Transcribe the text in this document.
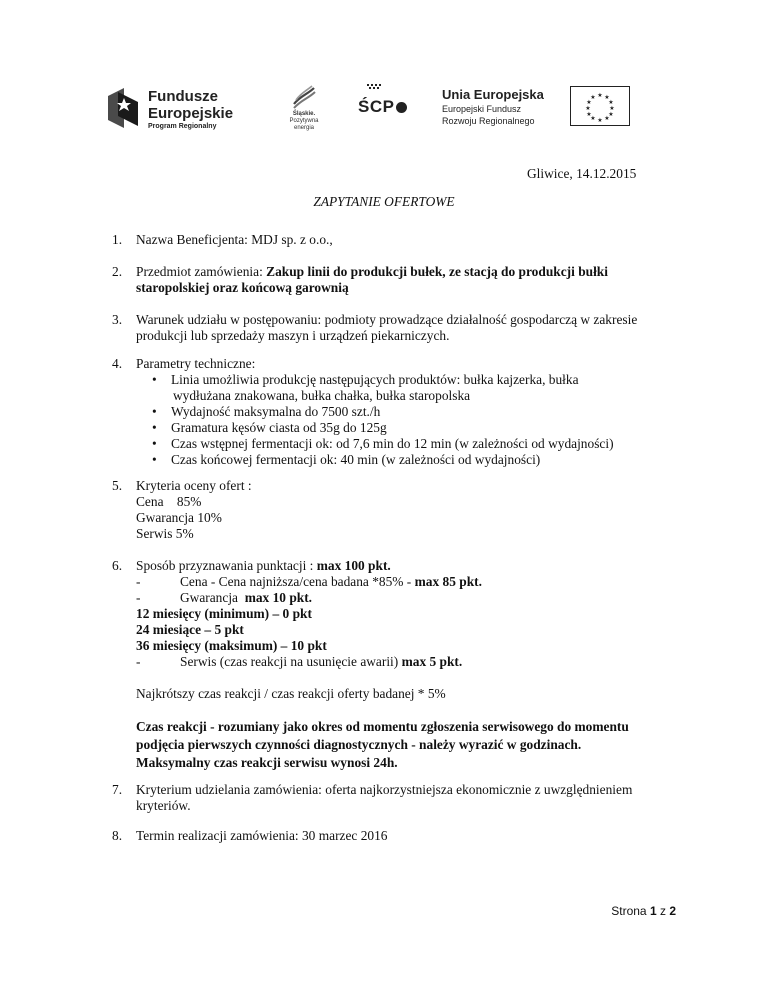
Fundusze
Europejskie
Program Regionalny
Śląskie.
Pozytywna energia
ŚCP
Unia Europejska
Europejski Fundusz
Rozwoju Regionalnego
★ ★
★
★
★
★
★
★
★
★
★
★
Gliwice, 14.12.2015
ZAPYTANIE OFERTOWE
1.	Nazwa Beneficjenta: MDJ sp. z o.o.,
2.	Przedmiot zamówienia: Zakup linii do produkcji bułek, ze stacją do produkcji bułki
staropolskiej oraz końcową garownią
3.	Warunek udziału w postępowaniu: podmioty prowadzące działalność gospodarczą w zakresie
produkcji lub sprzedaży maszyn i urządzeń piekarniczych.
4.	Parametry techniczne:
• Linia umożliwia produkcję następujących produktów: bułka kajzerka, bułka
wydłużana znakowana, bułka chałka, bułka staropolska
• Wydajność maksymalna do 7500 szt./h
• Gramatura kęsów ciasta od 35g do 125g
• Czas wstępnej fermentacji ok: od 7,6 min do 12 min (w zależności od wydajności)
• Czas końcowej fermentacji ok: 40 min (w zależności od wydajności)
5.	Kryteria oceny ofert :
Cena    85%
Gwarancja 10%
Serwis 5%
6.	Sposób przyznawania punktacji : max 100 pkt.
-	Cena - Cena najniższa/cena badana *85% - max 85 pkt.
-	Gwarancja  max 10 pkt.
12 miesięcy (minimum) – 0 pkt
24 miesiące – 5 pkt
36 miesięcy (maksimum) – 10 pkt
-	Serwis (czas reakcji na usunięcie awarii) max 5 pkt.
Najkrótszy czas reakcji / czas reakcji oferty badanej * 5%
Czas reakcji - rozumiany jako okres od momentu zgłoszenia serwisowego do momentu
podjęcia pierwszych czynności diagnostycznych - należy wyrazić w godzinach.
Maksymalny czas reakcji serwisu wynosi 24h.
7.	Kryterium udzielania zamówienia: oferta najkorzystniejsza ekonomicznie z uwzględnieniem
kryteriów.
8.	Termin realizacji zamówienia: 30 marzec 2016
Strona 1 z 2
